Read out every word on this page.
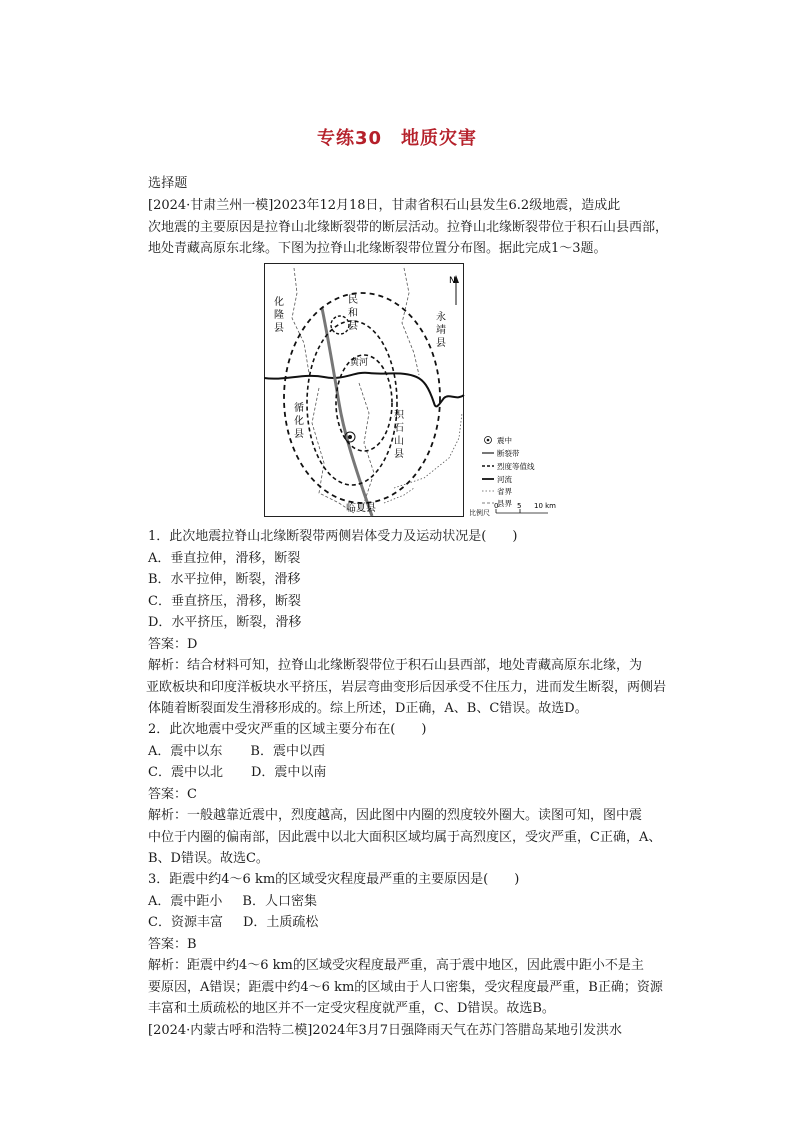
专练30　地质灾害
选择题
[2024·甘肃兰州一模]2023年12月18日，甘肃省积石山县发生6.2级地震，造成此
次地震的主要原因是拉脊山北缘断裂带的断层活动。拉脊山北缘断裂带位于积石山县西部，
地处青藏高原东北缘。下图为拉脊山北缘断裂带位置分布图。据此完成1～3题。
N
化隆县
民和县
永靖县
黄河
循化县
积石山县
临夏县
震中
断裂带
烈度等值线
河流
省界
县界
比例尺
0	5 10 km
1．此次地震拉脊山北缘断裂带两侧岩体受力及运动状况是(　　)
A．垂直拉伸，滑移，断裂
B．水平拉伸，断裂，滑移
C．垂直挤压，滑移，断裂
D．水平挤压，断裂，滑移
答案：D
解析：结合材料可知，拉脊山北缘断裂带位于积石山县西部，地处青藏高原东北缘，为
亚欧板块和印度洋板块水平挤压，岩层弯曲变形后因承受不住压力，进而发生断裂，两侧岩
体随着断裂面发生滑移形成的。综上所述，D正确，A、B、C错误。故选D。
2．此次地震中受灾严重的区域主要分布在(　　)
A．震中以东 B．震中以西
C．震中以北 D．震中以南
答案：C
解析：一般越靠近震中，烈度越高，因此图中内圈的烈度较外圈大。读图可知，图中震
中位于内圈的偏南部，因此震中以北大面积区域均属于高烈度区，受灾严重，C正确，A、
B、D错误。故选C。
3．距震中约4～6 km的区域受灾程度最严重的主要原因是(　　)
A．震中距小 B．人口密集
C．资源丰富 D．土质疏松
答案：B
解析：距震中约4～6 km的区域受灾程度最严重，高于震中地区，因此震中距小不是主
要原因，A错误；距震中约4～6 km的区域由于人口密集，受灾程度最严重，B正确；资源
丰富和土质疏松的地区并不一定受灾程度就严重，C、D错误。故选B。
[2024·内蒙古呼和浩特二模]2024年3月7日强降雨天气在苏门答腊岛某地引发洪水
